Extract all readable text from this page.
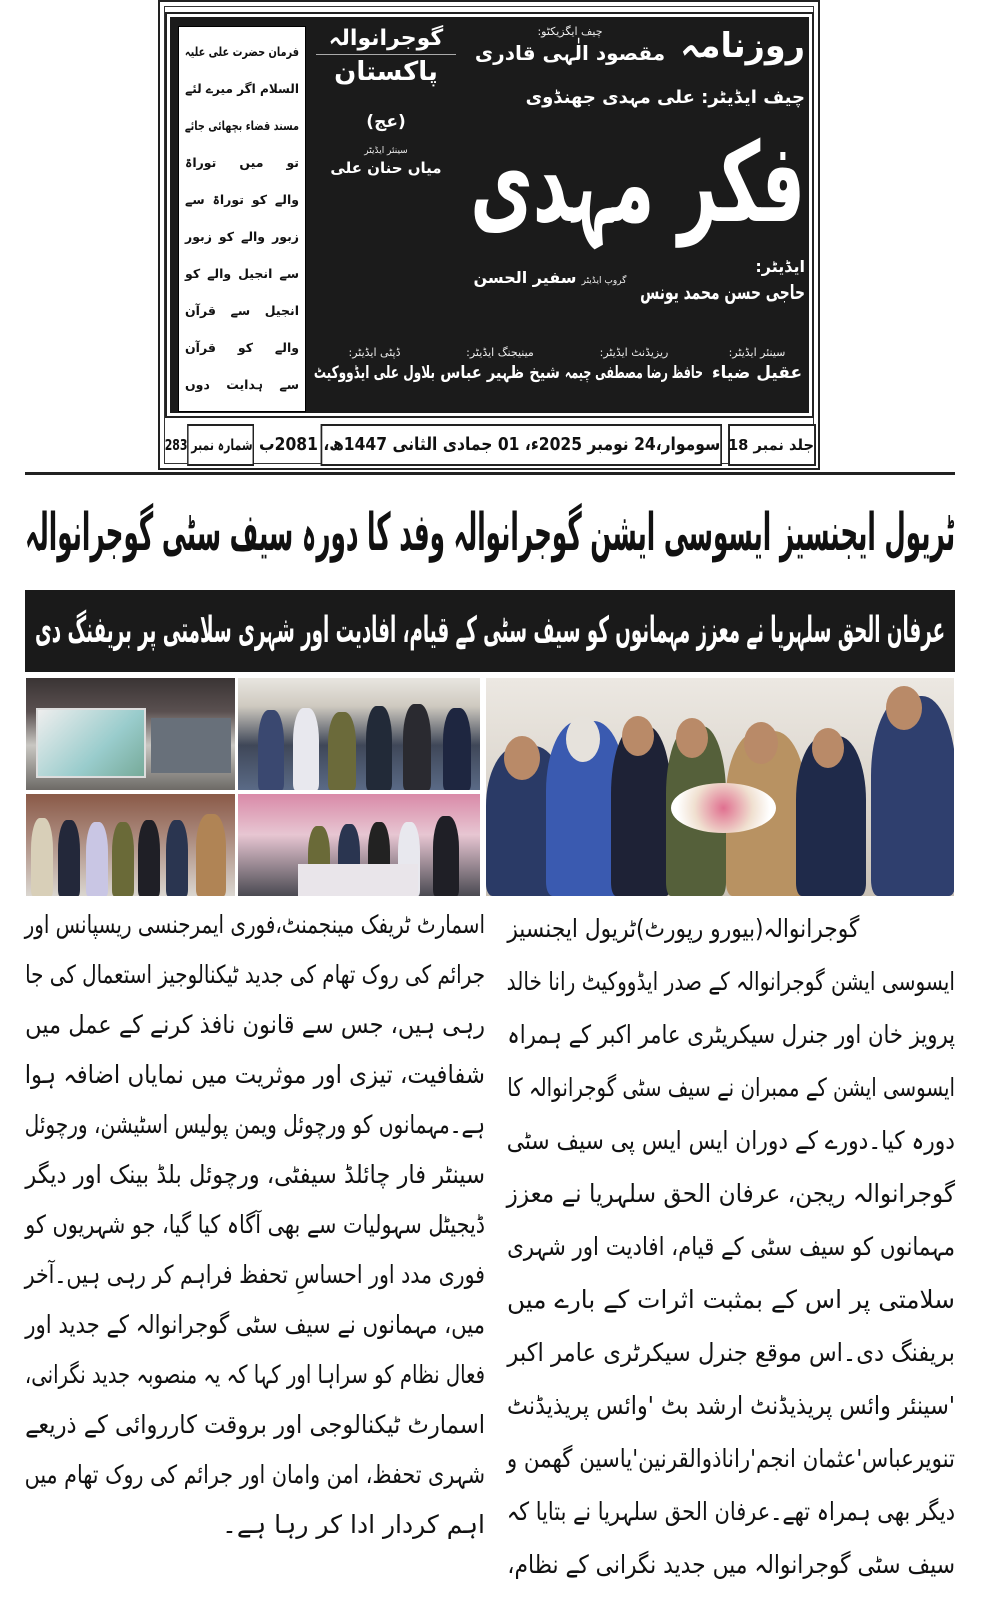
فرمان حضرت علی علیہ
السلام اگر میرے لئے
مسند قضاء بچھائی جائے
تو میں توراۃ
والے کو توراۃ سے
زبور والے کو زبور
سے انجیل والے کو
انجیل سے قرآن
والے کو قرآن
سے ہدایت دوں
روزنامہ
چیف ایگزیکٹو:
مقصود الٰہی قادری
گوجرانوالہ
پاکستان
چیف ایڈیٹر: علی مہدی جھنڈوی
فکر مہدی
(عج)
سینئر ایڈیٹر
میاں حنان علی
ایڈیٹر:
حاجی حسن محمد یونس
گروپ ایڈیٹر سفیر الحسن
سینئر ایڈیٹر:
عقیل ضیاء
ریزیڈنٹ ایڈیٹر:
حافظ رضا مصطفی چیمہ
مینیجنگ ایڈیٹر:
شیخ ظہیر عباس
ڈپٹی ایڈیٹر:
بلاول علی ایڈووکیٹ
شمارہ نمبر 283 سوموار،24 نومبر 2025ء، 01 جمادی الثانی 1447ھ، 2081ب جلد نمبر 18
ٹریول ایجنسیز ایسوسی ایشن گوجرانوالہ وفد کا دورہ سیف سٹی گوجرانوالہ
عرفان الحق سلہریا نے معزز مہمانوں کو سیف سٹی کے قیام، افادیت اور شہری سلامتی پر بریفنگ دی
گوجرانوالہ(بیورو رپورٹ)ٹریول ایجنسیز
ایسوسی ایشن گوجرانوالہ کے صدر ایڈووکیٹ رانا خالد
پرویز خان اور جنرل سیکریٹری عامر اکبر کے ہمراہ
ایسوسی ایشن کے ممبران نے سیف سٹی گوجرانوالہ کا
دورہ کیا۔دورے کے دوران ایس ایس پی سیف سٹی
گوجرانوالہ ریجن، عرفان الحق سلہریا نے معزز
مہمانوں کو سیف سٹی کے قیام، افادیت اور شہری
سلامتی پر اس کے بمثبت اثرات کے بارے میں
بریفنگ دی۔اس موقع جنرل سیکرٹری عامر اکبر
'سینئر وائس پریذیڈنٹ ارشد بٹ 'وائس پریذیڈنٹ
تنویرعباس'عثمان انجم'راناذوالقرنین'یاسین گھمن و
دیگر بھی ہمراہ تھے۔عرفان الحق سلہریا نے بتایا کہ
سیف سٹی گوجرانوالہ میں جدید نگرانی کے نظام،
اسمارٹ ٹریفک مینجمنٹ،فوری ایمرجنسی ریسپانس اور
جرائم کی روک تھام کی جدید ٹیکنالوجیز استعمال کی جا
رہی ہیں، جس سے قانون نافذ کرنے کے عمل میں
شفافیت، تیزی اور موثریت میں نمایاں اضافہ ہوا
ہے۔مہمانوں کو ورچوئل ویمن پولیس اسٹیشن، ورچوئل
سینٹر فار چائلڈ سیفٹی، ورچوئل بلڈ بینک اور دیگر
ڈیجیٹل سہولیات سے بھی آگاہ کیا گیا، جو شہریوں کو
فوری مدد اور احساسِ تحفظ فراہم کر رہی ہیں۔آخر
میں، مہمانوں نے سیف سٹی گوجرانوالہ کے جدید اور
فعال نظام کو سراہا اور کہا کہ یہ منصوبہ جدید نگرانی،
اسمارٹ ٹیکنالوجی اور بروقت کارروائی کے ذریعے
شہری تحفظ، امن وامان اور جرائم کی روک تھام میں
اہم کردار ادا کر رہا ہے۔
